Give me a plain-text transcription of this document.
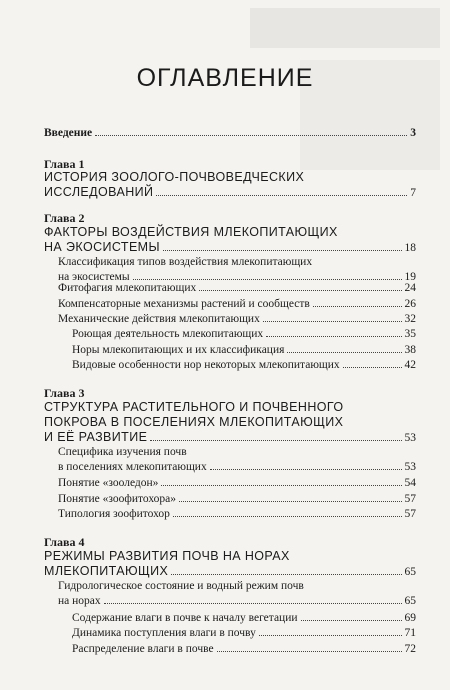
ОГЛАВЛЕНИЕ
Введение	3
Глава 1
ИСТОРИЯ ЗООЛОГО-ПОЧВОВЕДЧЕСКИХ
ИССЛЕДОВАНИЙ	7
Глава 2
ФАКТОРЫ ВОЗДЕЙСТВИЯ МЛЕКОПИТАЮЩИХ
НА ЭКОСИСТЕМЫ	18
Классификация типов воздействия млекопитающих
на экосистемы	19
Фитофагия млекопитающих	24
Компенсаторные механизмы растений и сообществ	26
Механические действия млекопитающих	32
Роющая деятельность млекопитающих	35
Норы млекопитающих и их классификация	38
Видовые особенности нор некоторых млекопитающих	42
Глава 3
СТРУКТУРА РАСТИТЕЛЬНОГО И ПОЧВЕННОГО
ПОКРОВА В ПОСЕЛЕНИЯХ МЛЕКОПИТАЮЩИХ
И ЕЁ РАЗВИТИЕ	53
Специфика изучения почв
в поселениях млекопитающих	53
Понятие «зооледон»	54
Понятие «зоофитохора»	57
Типология зоофитохор	57
Глава 4
РЕЖИМЫ РАЗВИТИЯ ПОЧВ НА НОРАХ
МЛЕКОПИТАЮЩИХ	65
Гидрологическое состояние и водный режим почв
на норах	65
Содержание влаги в почве к началу вегетации	69
Динамика поступления влаги в почву	71
Распределение влаги в почве	72
